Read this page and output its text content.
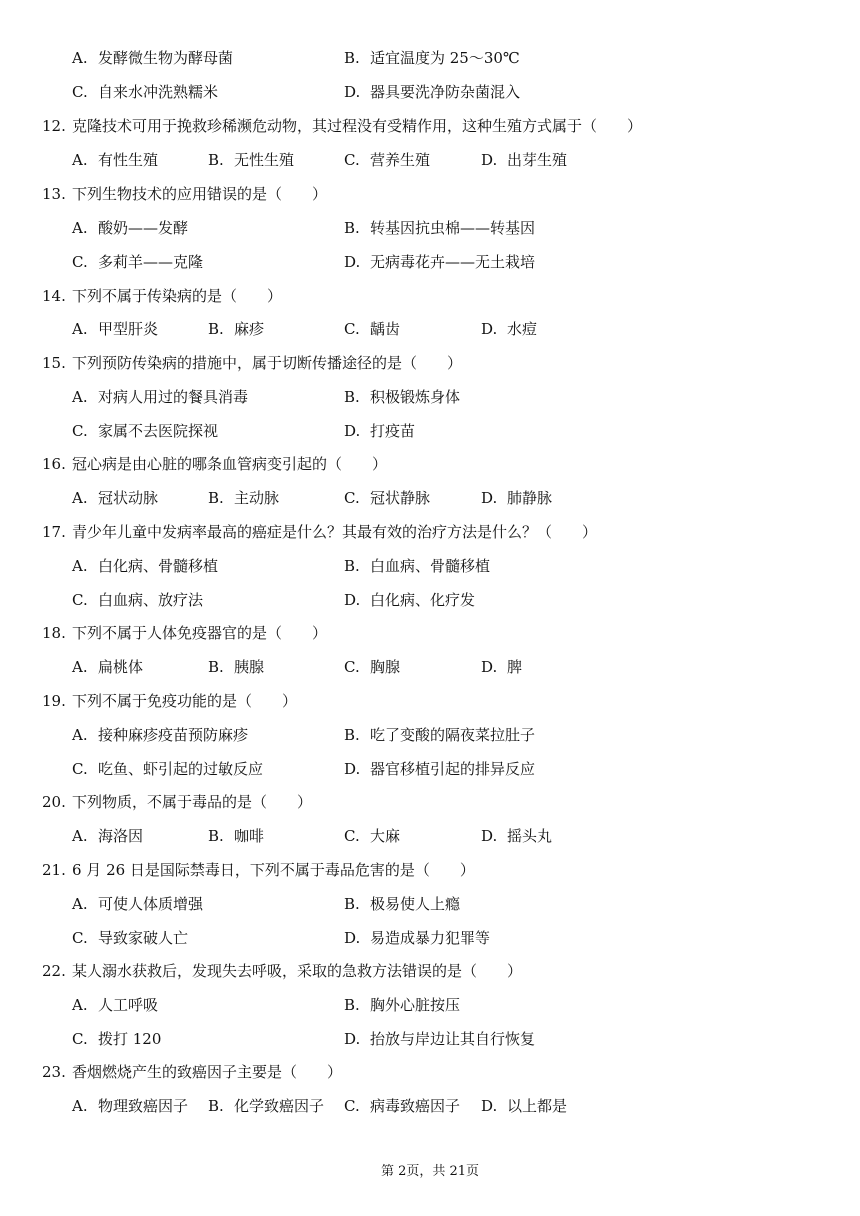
A. 发酵微生物为酵母菌	B. 适宜温度为 25～30℃
C. 自来水冲洗熟糯米	D. 器具要洗净防杂菌混入
12. 克隆技术可用于挽救珍稀濒危动物，其过程没有受精作用，这种生殖方式属于（　　）
A. 有性生殖	B. 无性生殖	C. 营养生殖	D. 出芽生殖
13. 下列生物技术的应用错误的是（　　）
A. 酸奶——发酵	B. 转基因抗虫棉——转基因
C. 多莉羊——克隆	D. 无病毒花卉——无土栽培
14. 下列不属于传染病的是（　　）
A. 甲型肝炎	B. 麻疹	C. 龋齿	D. 水痘
15. 下列预防传染病的措施中，属于切断传播途径的是（　　）
A. 对病人用过的餐具消毒	B. 积极锻炼身体
C. 家属不去医院探视	D. 打疫苗
16. 冠心病是由心脏的哪条血管病变引起的（　　）
A. 冠状动脉	B. 主动脉	C. 冠状静脉	D. 肺静脉
17. 青少年儿童中发病率最高的癌症是什么？其最有效的治疗方法是什么？（　　）
A. 白化病、骨髓移植	B. 白血病、骨髓移植
C. 白血病、放疗法	D. 白化病、化疗发
18. 下列不属于人体免疫器官的是（　　）
A. 扁桃体	B. 胰腺	C. 胸腺	D. 脾
19. 下列不属于免疫功能的是（　　）
A. 接种麻疹疫苗预防麻疹	B. 吃了变酸的隔夜菜拉肚子
C. 吃鱼、虾引起的过敏反应	D. 器官移植引起的排异反应
20. 下列物质，不属于毒品的是（　　）
A. 海洛因	B. 咖啡	C. 大麻	D. 摇头丸
21. 6 月 26 日是国际禁毒日，下列不属于毒品危害的是（　　）
A. 可使人体质增强	B. 极易使人上瘾
C. 导致家破人亡	D. 易造成暴力犯罪等
22. 某人溺水获救后，发现失去呼吸，采取的急救方法错误的是（　　）
A. 人工呼吸	B. 胸外心脏按压
C. 拨打 120	D. 抬放与岸边让其自行恢复
23. 香烟燃烧产生的致癌因子主要是（　　）
A. 物理致癌因子 B. 化学致癌因子 C. 病毒致癌因子 D. 以上都是
第 2页，共 21页
